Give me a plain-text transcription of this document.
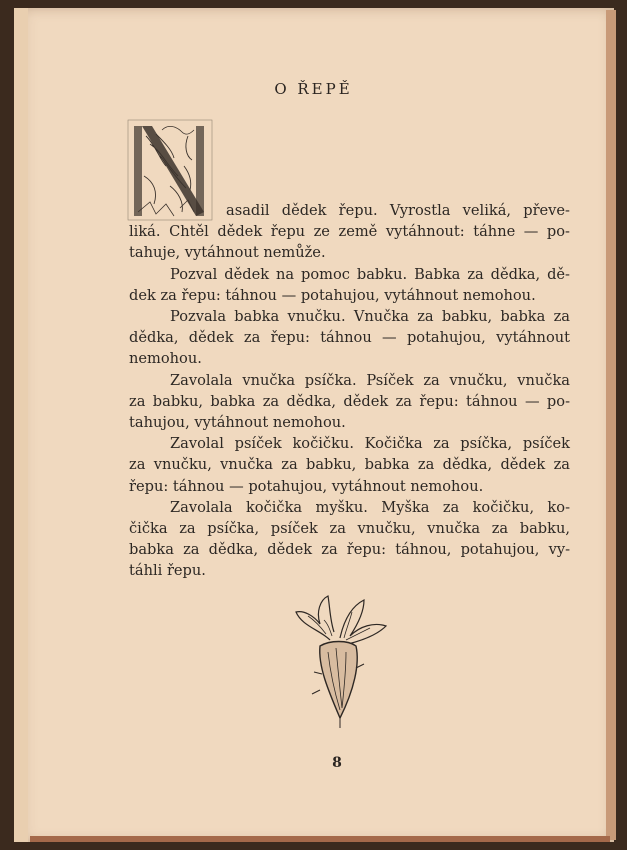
O ŘEPĚ
asadil dědek řepu. Vyrostla veliká, převe-
liká. Chtěl dědek řepu ze země vytáhnout: táhne — po-
tahuje, vytáhnout nemůže.
Pozval dědek na pomoc babku. Babka za dědka, dě-
dek za řepu: táhnou — potahujou, vytáhnout nemohou.
Pozvala babka vnučku. Vnučka za babku, babka za
dědka, dědek za řepu: táhnou — potahujou, vytáhnout
nemohou.
Zavolala vnučka psíčka. Psíček za vnučku, vnučka
za babku, babka za dědka, dědek za řepu: táhnou — po-
tahujou, vytáhnout nemohou.
Zavolal psíček kočičku. Kočička za psíčka, psíček
za vnučku, vnučka za babku, babka za dědka, dědek za
řepu: táhnou — potahujou, vytáhnout nemohou.
Zavolala kočička myšku. Myška za kočičku, ko-
čička za psíčka, psíček za vnučku, vnučka za babku,
babka za dědka, dědek za řepu: táhnou, potahujou, vy-
táhli řepu.
8
